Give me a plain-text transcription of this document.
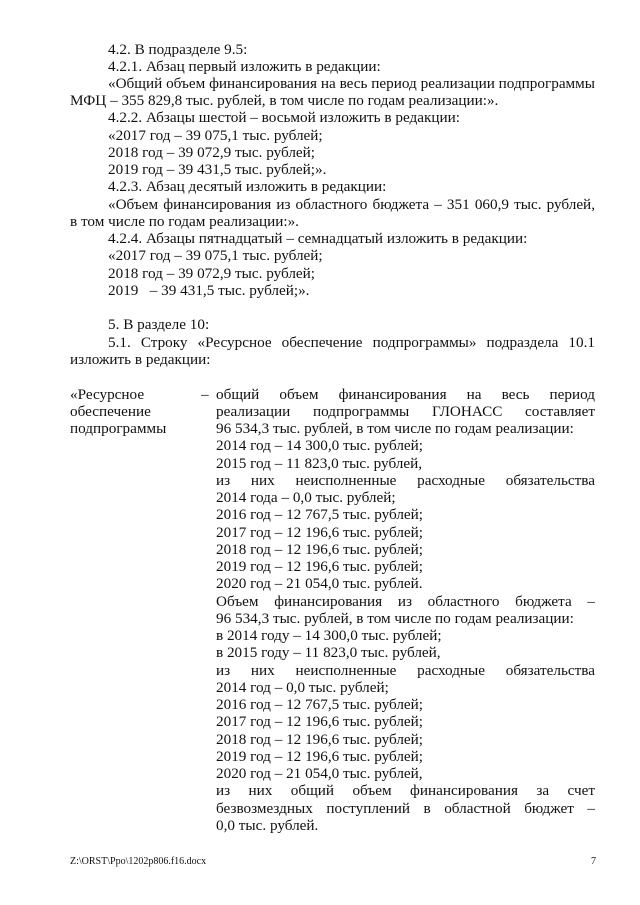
4.2. В подразделе 9.5:
4.2.1. Абзац первый изложить в редакции:
«Общий объем финансирования на весь период реализации подпрограммы
МФЦ – 355 829,8 тыс. рублей, в том числе по годам реализации:».
4.2.2. Абзацы шестой – восьмой изложить в редакции:
«2017 год – 39 075,1 тыс. рублей;
2018 год – 39 072,9 тыс. рублей;
2019 год – 39 431,5 тыс. рублей;».
4.2.3. Абзац десятый изложить в редакции:
«Объем финансирования из областного бюджета – 351 060,9 тыс. рублей,
в том числе по годам реализации:».
4.2.4. Абзацы пятнадцатый – семнадцатый изложить в редакции:
«2017 год – 39 075,1 тыс. рублей;
2018 год – 39 072,9 тыс. рублей;
2019   – 39 431,5 тыс. рублей;».
5. В разделе 10:
5.1. Строку «Ресурсное обеспечение подпрограммы» подраздела 10.1
изложить в редакции:
«Ресурсное
обеспечение
подпрограммы
– общий объем финансирования на весь период
реализации подпрограммы ГЛОНАСС составляет
96 534,3 тыс. рублей, в том числе по годам реализации:
2014 год – 14 300,0 тыс. рублей;
2015 год – 11 823,0 тыс. рублей,
из них неисполненные расходные обязательства
2014 года – 0,0 тыс. рублей;
2016 год – 12 767,5 тыс. рублей;
2017 год – 12 196,6 тыс. рублей;
2018 год – 12 196,6 тыс. рублей;
2019 год – 12 196,6 тыс. рублей;
2020 год – 21 054,0 тыс. рублей.
Объем финансирования из областного бюджета –
96 534,3 тыс. рублей, в том числе по годам реализации:
в 2014 году – 14 300,0 тыс. рублей;
в 2015 году – 11 823,0 тыс. рублей,
из них неисполненные расходные обязательства
2014 год – 0,0 тыс. рублей;
2016 год – 12 767,5 тыс. рублей;
2017 год – 12 196,6 тыс. рублей;
2018 год – 12 196,6 тыс. рублей;
2019 год – 12 196,6 тыс. рублей;
2020 год – 21 054,0 тыс. рублей,
из них общий объем финансирования за счет
безвозмездных поступлений в областной бюджет –
0,0 тыс. рублей.
Z:\ORST\Ppo\1202p806.f16.docx	7
